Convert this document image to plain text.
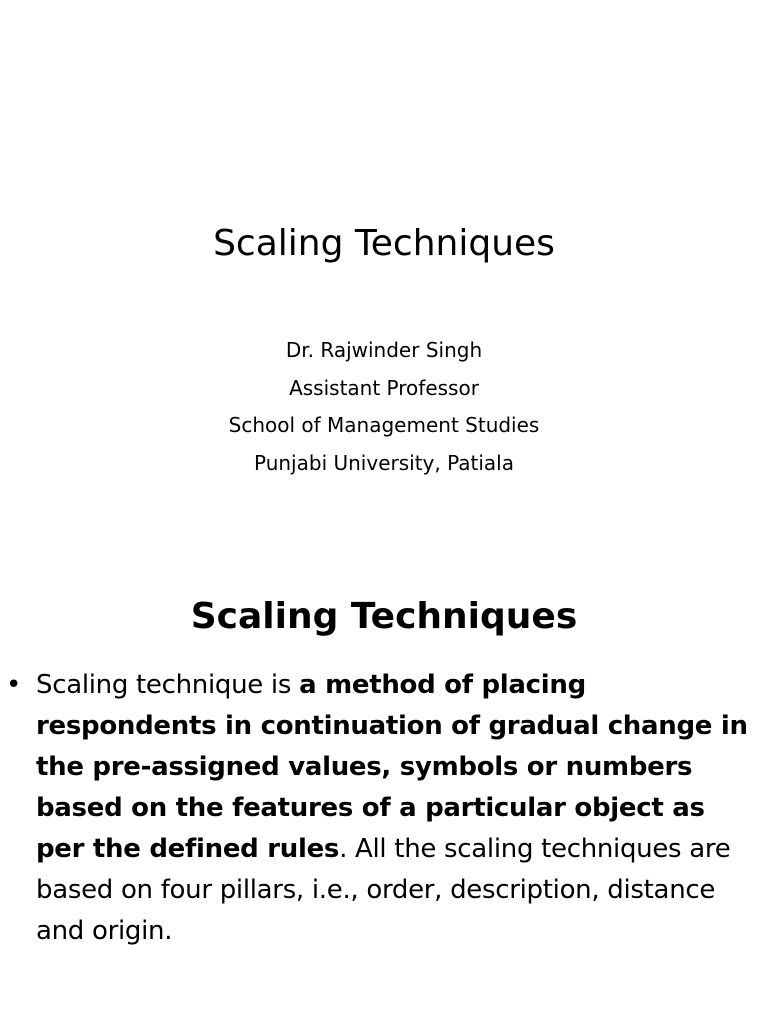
Scaling Techniques
Dr. Rajwinder Singh
Assistant Professor
School of Management Studies
Punjabi University, Patiala
Scaling Techniques
• Scaling technique is a method of placing respondents in continuation of gradual change in the pre-assigned values, symbols or numbers based on the features of a particular object as per the defined rules. All the scaling techniques are based on four pillars, i.e., order, description, distance and origin.
